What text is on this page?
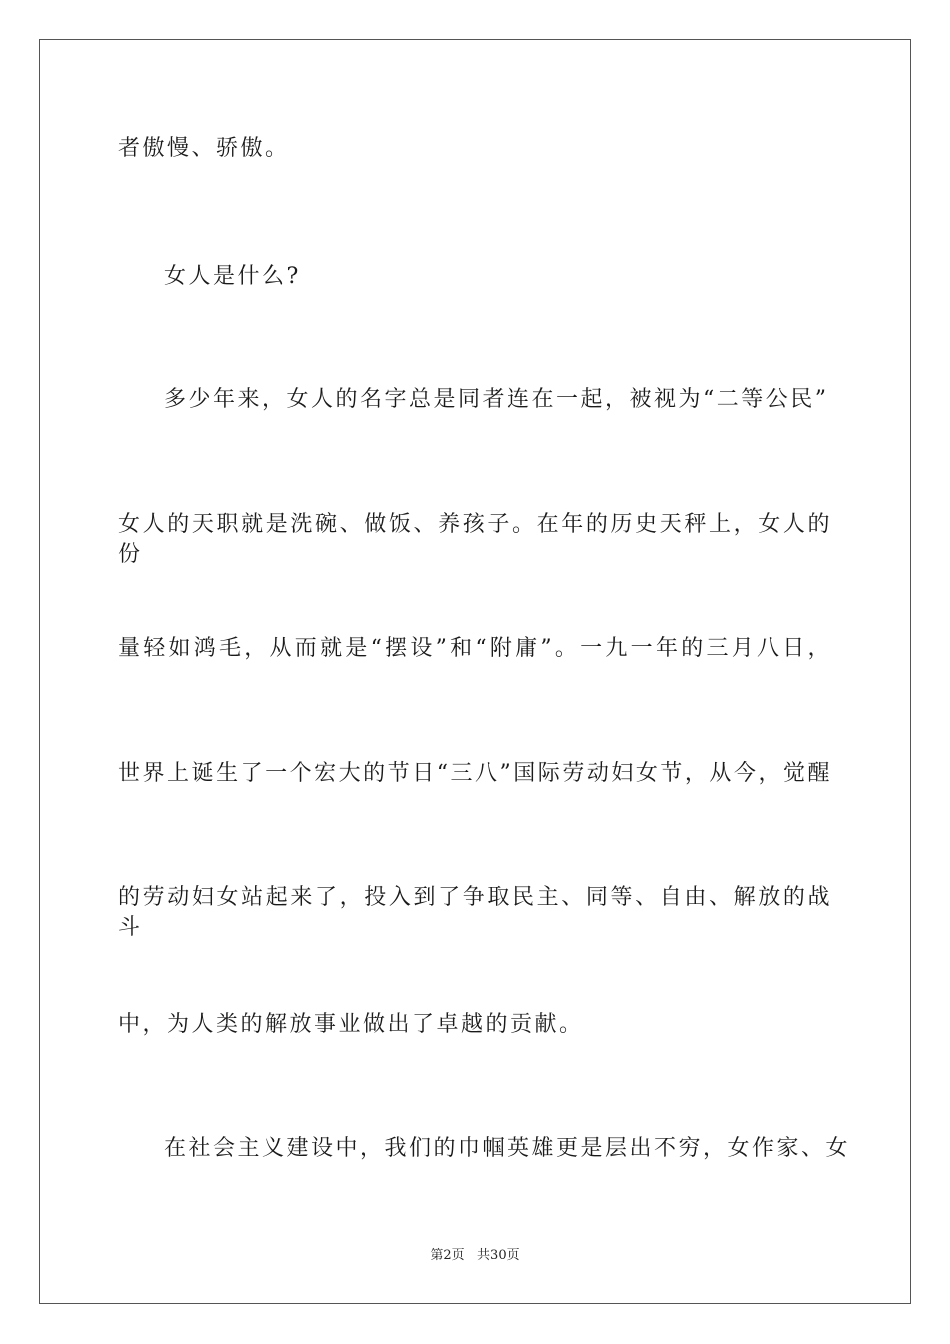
者傲慢、骄傲。
女人是什么?
多少年来，女人的名字总是同者连在一起，被视为“二等公民”
女人的天职就是洗碗、做饭、养孩子。在年的历史天秤上，女人的份
量轻如鸿毛，从而就是“摆设”和“附庸”。一九一年的三月八日，
世界上诞生了一个宏大的节日“三八”国际劳动妇女节，从今，觉醒
的劳动妇女站起来了，投入到了争取民主、同等、自由、解放的战斗
中，为人类的解放事业做出了卓越的贡献。
在社会主义建设中，我们的巾帼英雄更是层出不穷，女作家、女
第2页   共30页
